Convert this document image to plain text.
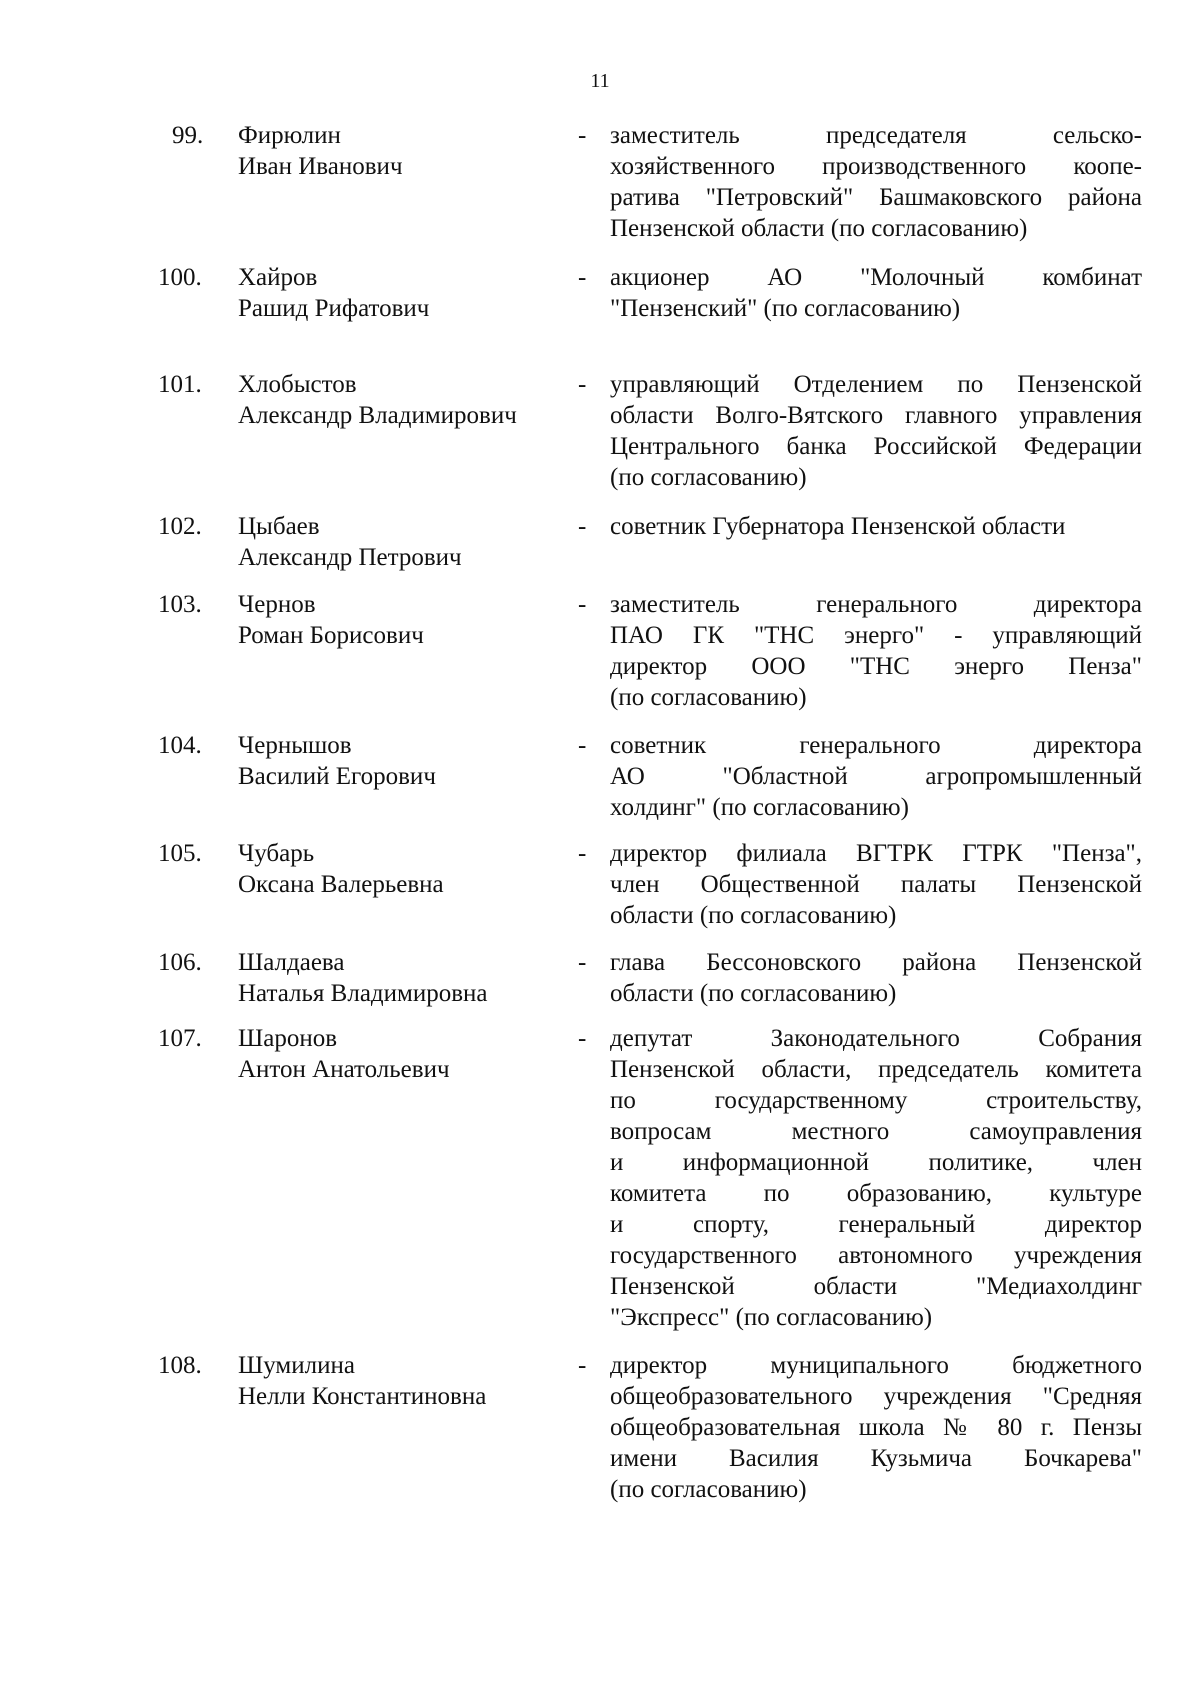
11
99.	Фирюлин
Иван Иванович
- заместитель председателя сельско-
хозяйственного производственного коопе-
ратива "Петровский" Башмаковского района
Пензенской области (по согласованию)
100.	Хайров
Рашид Рифатович
- акционер АО "Молочный комбинат
"Пензенский" (по согласованию)
101.	Хлобыстов
Александр Владимирович
- управляющий Отделением по Пензенской
области Волго-Вятского главного управления
Центрального банка Российской Федерации
(по согласованию)
102.	Цыбаев
Александр Петрович
- советник Губернатора Пензенской области
103.	Чернов
Роман Борисович
- заместитель генерального директора
ПАО ГК "ТНС энерго" - управляющий
директор ООО "ТНС энерго Пенза"
(по согласованию)
104.	Чернышов
Василий Егорович
- советник генерального директора
АО "Областной агропромышленный
холдинг" (по согласованию)
105.	Чубарь
Оксана Валерьевна
- директор филиала ВГТРК ГТРК "Пенза",
член Общественной палаты Пензенской
области (по согласованию)
106.	Шалдаева
Наталья Владимировна
- глава Бессоновского района Пензенской
области (по согласованию)
107.	Шаронов
Антон Анатольевич
- депутат Законодательного Собрания
Пензенской области, председатель комитета
по государственному строительству,
вопросам местного самоуправления
и информационной политике, член
комитета по образованию, культуре
и спорту, генеральный директор
государственного автономного учреждения
Пензенской области "Медиахолдинг
"Экспресс" (по согласованию)
108.	Шумилина
Нелли Константиновна
- директор муниципального бюджетного
общеобразовательного учреждения "Средняя
общеобразовательная школа № 80 г. Пензы
имени Василия Кузьмича Бочкарева"
(по согласованию)
